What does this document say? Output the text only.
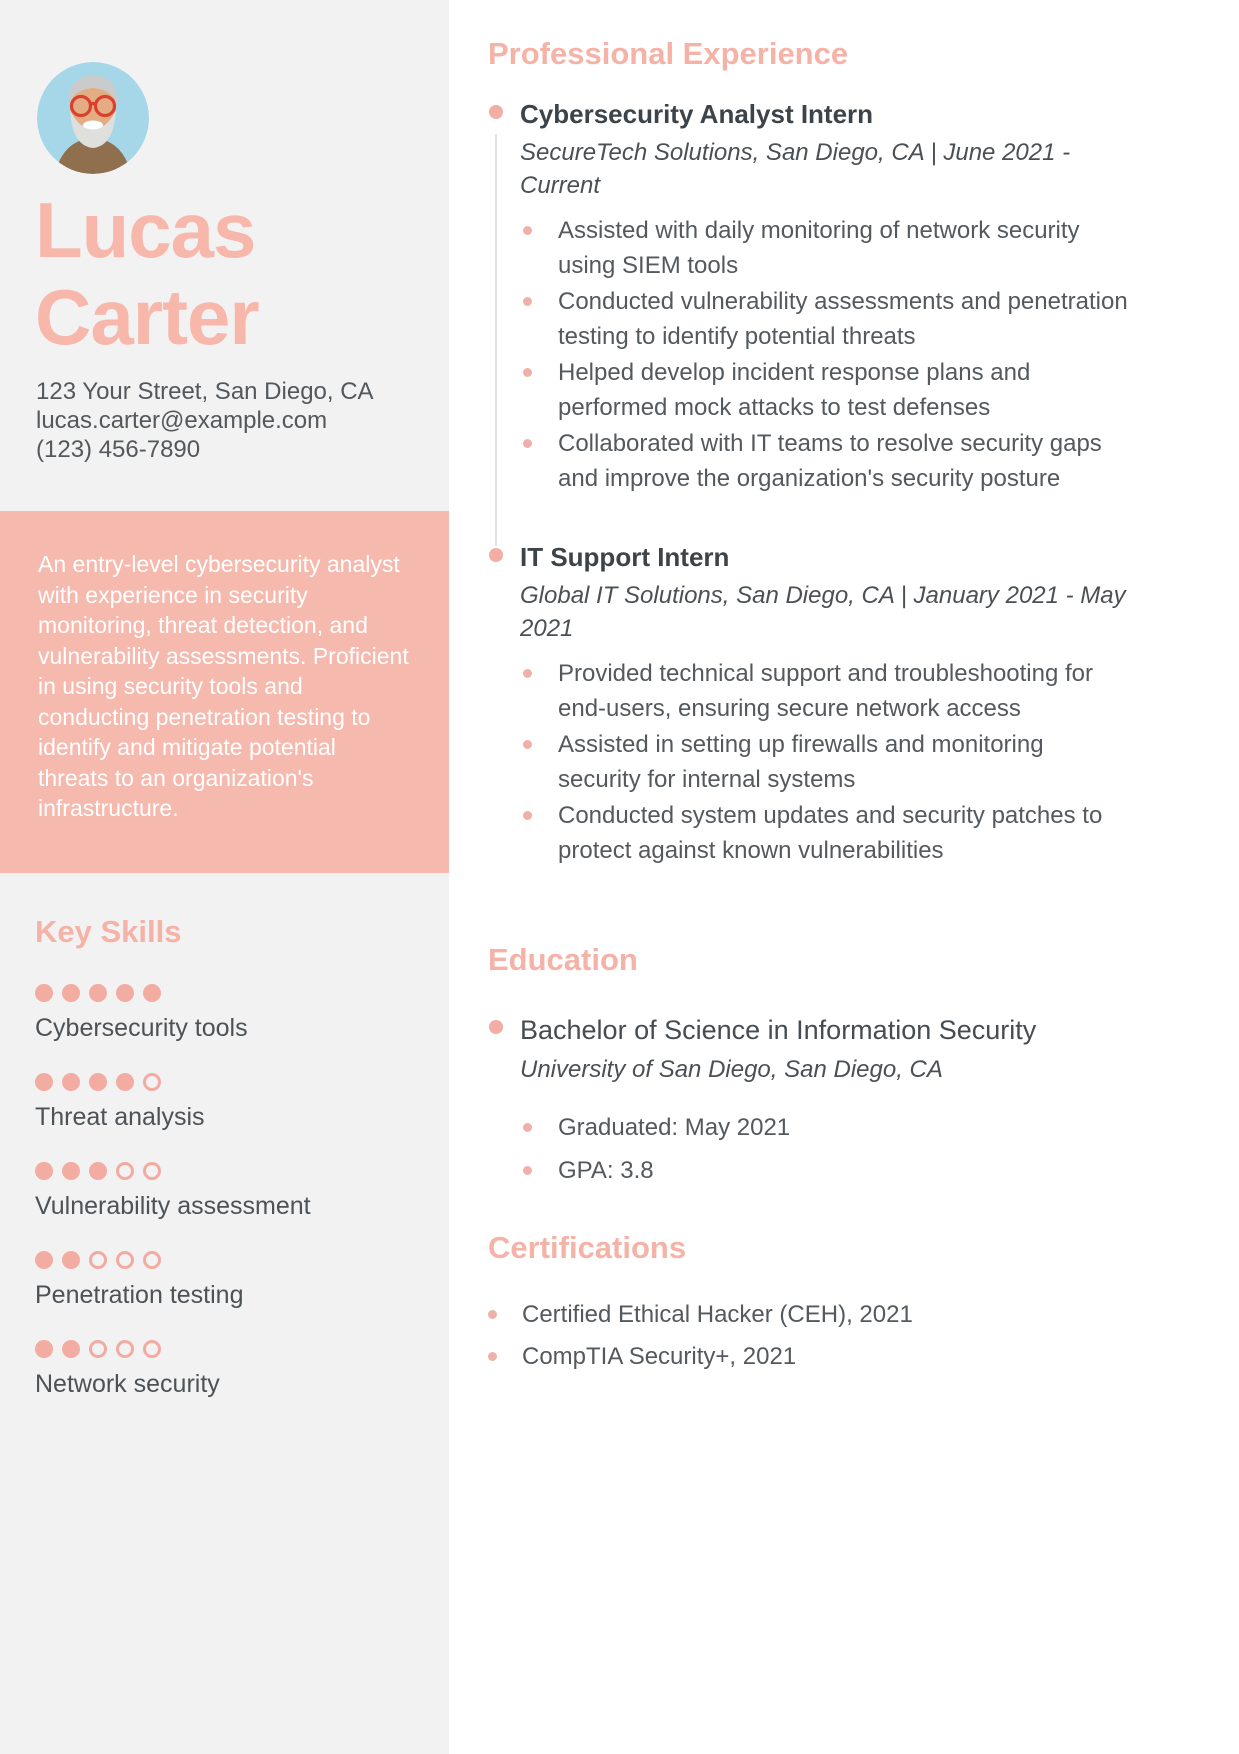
Lucas
Carter
123 Your Street, San Diego, CA
lucas.carter@example.com
(123) 456-7890

An entry-level cybersecurity analyst with experience in security monitoring, threat detection, and vulnerability assessments. Proficient in using security tools and conducting penetration testing to identify and mitigate potential threats to an organization's infrastructure.

Key Skills
Cybersecurity tools
Threat analysis
Vulnerability assessment
Penetration testing
Network security
Professional Experience
Cybersecurity Analyst Intern
SecureTech Solutions, San Diego, CA | June 2021 - Current
Assisted with daily monitoring of network security using SIEM tools
Conducted vulnerability assessments and penetration testing to identify potential threats
Helped develop incident response plans and performed mock attacks to test defenses
Collaborated with IT teams to resolve security gaps and improve the organization's security posture
IT Support Intern
Global IT Solutions, San Diego, CA | January 2021 - May 2021
Provided technical support and troubleshooting for end-users, ensuring secure network access
Assisted in setting up firewalls and monitoring security for internal systems
Conducted system updates and security patches to protect against known vulnerabilities
Education
Bachelor of Science in Information Security
University of San Diego, San Diego, CA
Graduated: May 2021
GPA: 3.8
Certifications
Certified Ethical Hacker (CEH), 2021
CompTIA Security+, 2021
